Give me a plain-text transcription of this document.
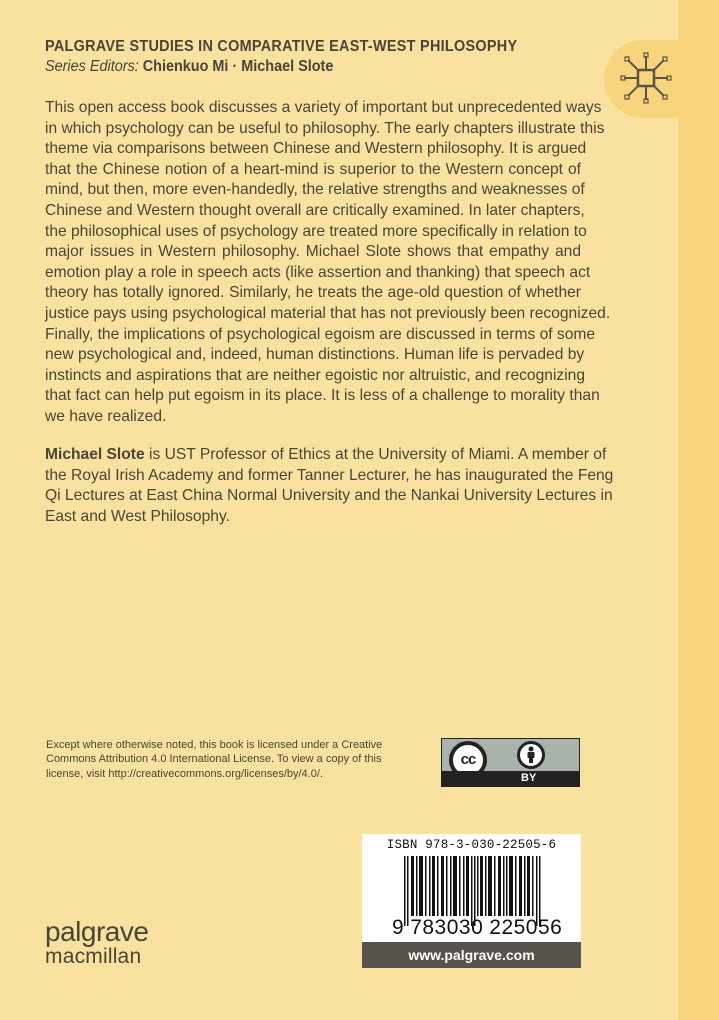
PALGRAVE STUDIES IN COMPARATIVE EAST-WEST PHILOSOPHY
Series Editors: Chienkuo Mi · Michael Slote
This open access book discusses a variety of important but unprecedented ways
in which psychology can be useful to philosophy. The early chapters illustrate this
theme via comparisons between Chinese and Western philosophy. It is argued
that the Chinese notion of a heart-mind is superior to the Western concept of
mind, but then, more even-handedly, the relative strengths and weaknesses of
Chinese and Western thought overall are critically examined. In later chapters,
the philosophical uses of psychology are treated more specifically in relation to
major issues in Western philosophy. Michael Slote shows that empathy and
emotion play a role in speech acts (like assertion and thanking) that speech act
theory has totally ignored. Similarly, he treats the age-old question of whether
justice pays using psychological material that has not previously been recognized.
Finally, the implications of psychological egoism are discussed in terms of some
new psychological and, indeed, human distinctions. Human life is pervaded by
instincts and aspirations that are neither egoistic nor altruistic, and recognizing
that fact can help put egoism in its place. It is less of a challenge to morality than
we have realized.
Michael Slote is UST Professor of Ethics at the University of Miami. A member of
the Royal Irish Academy and former Tanner Lecturer, he has inaugurated the Feng
Qi Lectures at East China Normal University and the Nankai University Lectures in
East and West Philosophy.
Except where otherwise noted, this book is licensed under a Creative
Commons Attribution 4.0 International License. To view a copy of this
license, visit http://creativecommons.org/licenses/by/4.0/.
cc
BY
ISBN 978-3-030-22505-6
9 783030 225056
www.palgrave.com
palgrave
macmillan
